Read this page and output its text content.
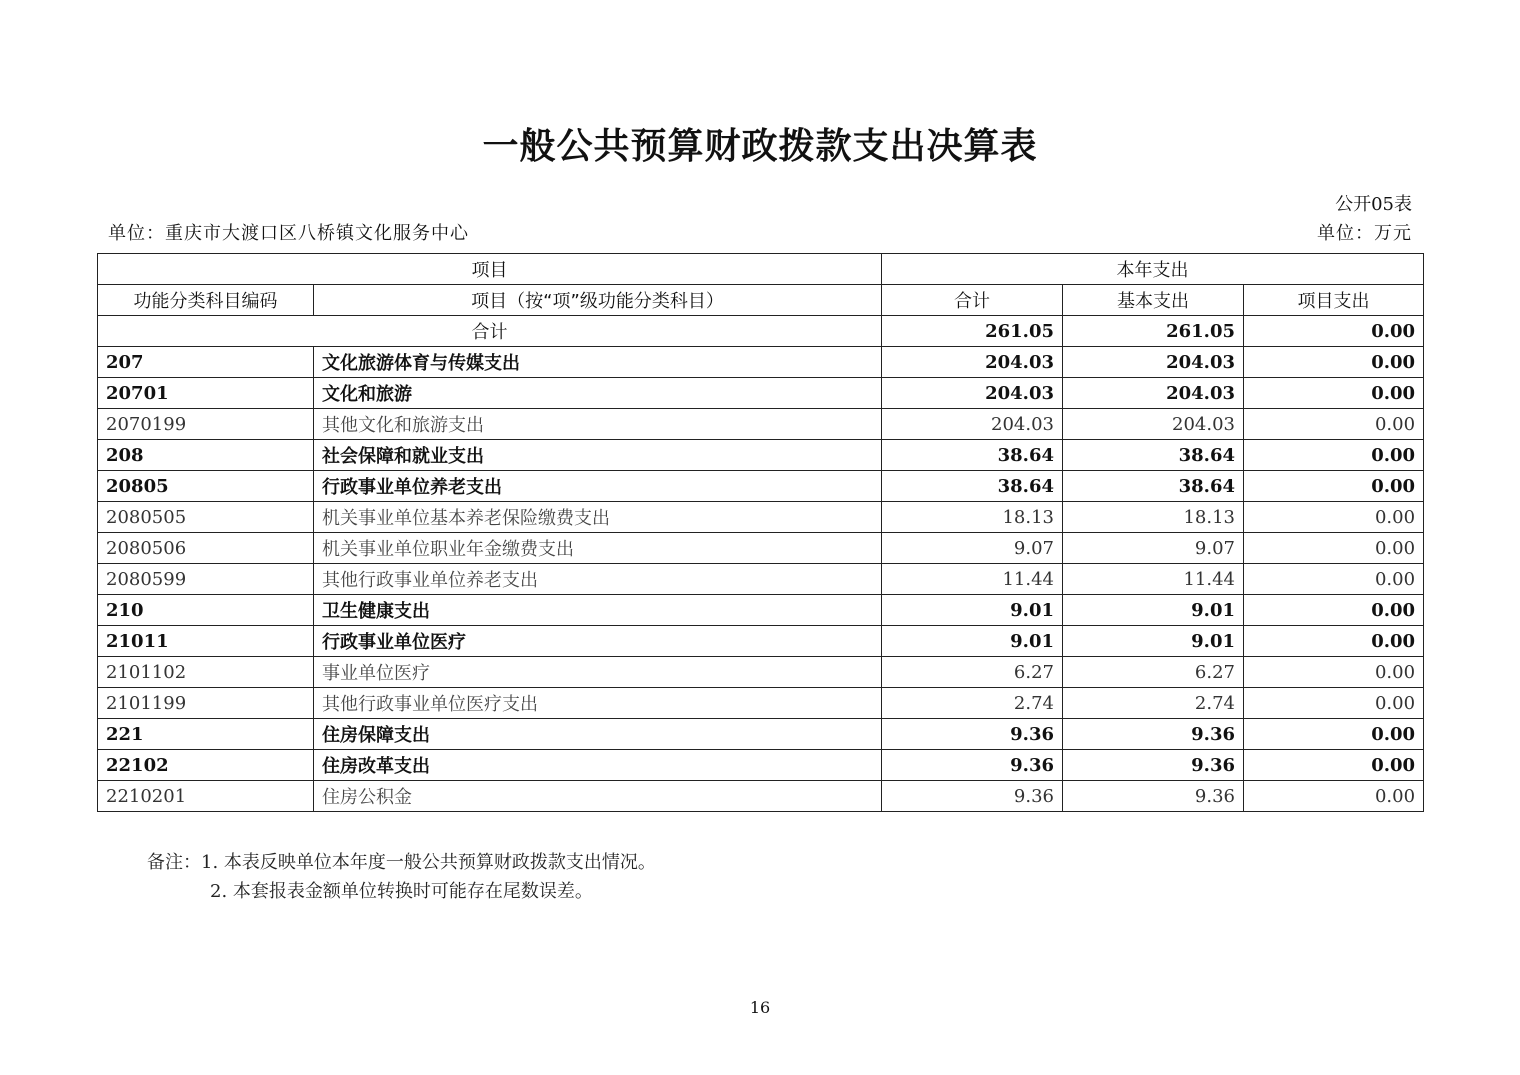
一般公共预算财政拨款支出决算表
公开05表
单位：重庆市大渡口区八桥镇文化服务中心	单位：万元
项目		本年支出		
功能分类科目编码	项目（按“项”级功能分类科目）	合计	基本支出	项目支出
合计		261.05	261.05	0.00
207	文化旅游体育与传媒支出	204.03	204.03	0.00
20701	文化和旅游	204.03	204.03	0.00
2070199	其他文化和旅游支出	204.03	204.03	0.00
208	社会保障和就业支出	38.64	38.64	0.00
20805	行政事业单位养老支出	38.64	38.64	0.00
2080505	机关事业单位基本养老保险缴费支出	18.13	18.13	0.00
2080506	机关事业单位职业年金缴费支出	9.07	9.07	0.00
2080599	其他行政事业单位养老支出	11.44	11.44	0.00
210	卫生健康支出	9.01	9.01	0.00
21011	行政事业单位医疗	9.01	9.01	0.00
2101102	事业单位医疗	6.27	6.27	0.00
2101199	其他行政事业单位医疗支出	2.74	2.74	0.00
221	住房保障支出	9.36	9.36	0.00
22102	住房改革支出	9.36	9.36	0.00
2210201	住房公积金	9.36	9.36	0.00
备注：1. 本表反映单位本年度一般公共预算财政拨款支出情况。
2. 本套报表金额单位转换时可能存在尾数误差。
16
